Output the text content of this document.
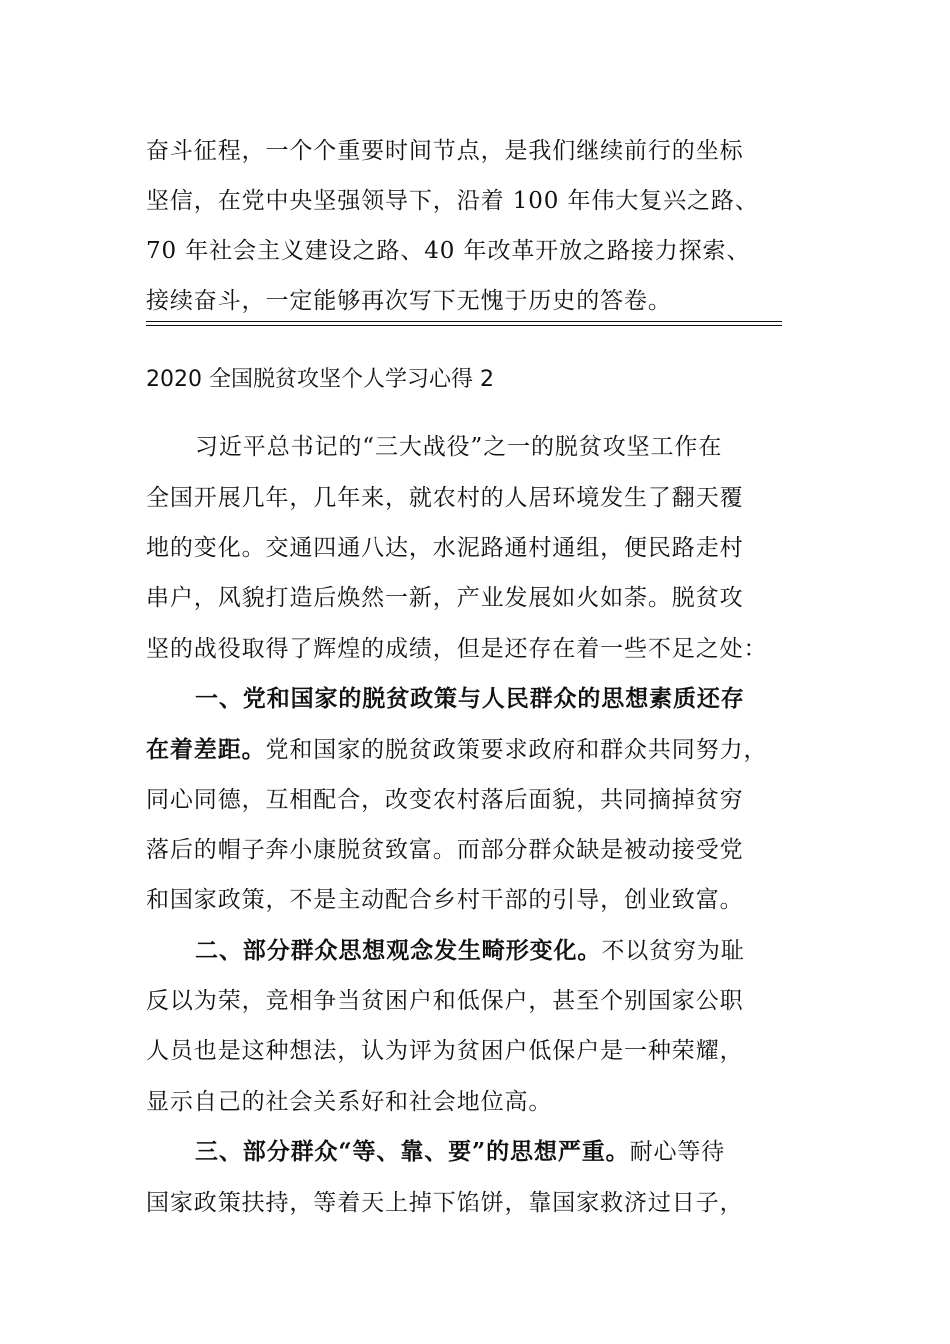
奋斗征程，一个个重要时间节点，是我们继续前行的坐标
坚信，在党中央坚强领导下，沿着 100 年伟大复兴之路、
70 年社会主义建设之路、40 年改革开放之路接力探索、
接续奋斗，一定能够再次写下无愧于历史的答卷。
2020 全国脱贫攻坚个人学习心得 2
习近平总书记的“三大战役”之一的脱贫攻坚工作在
全国开展几年，几年来，就农村的人居环境发生了翻天覆
地的变化。交通四通八达，水泥路通村通组，便民路走村
串户，风貌打造后焕然一新，产业发展如火如荼。脱贫攻
坚的战役取得了辉煌的成绩，但是还存在着一些不足之处：
一、党和国家的脱贫政策与人民群众的思想素质还存
在着差距。党和国家的脱贫政策要求政府和群众共同努力，
同心同德，互相配合，改变农村落后面貌，共同摘掉贫穷
落后的帽子奔小康脱贫致富。而部分群众缺是被动接受党
和国家政策，不是主动配合乡村干部的引导，创业致富。
二、部分群众思想观念发生畸形变化。不以贫穷为耻
反以为荣，竞相争当贫困户和低保户，甚至个别国家公职
人员也是这种想法，认为评为贫困户低保户是一种荣耀，
显示自己的社会关系好和社会地位高。
三、部分群众“等、靠、要”的思想严重。耐心等待
国家政策扶持，等着天上掉下馅饼，靠国家救济过日子，
